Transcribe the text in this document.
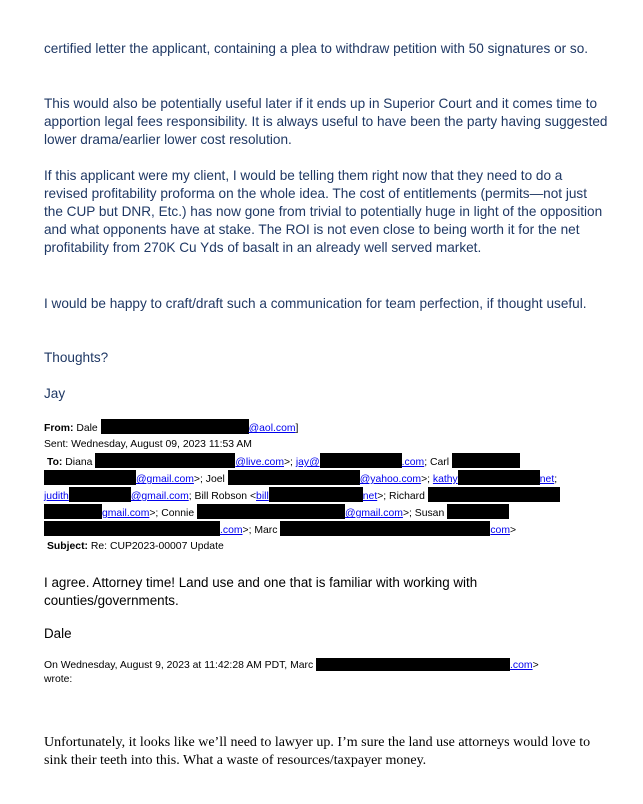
certified letter the applicant, containing a plea to withdraw petition with 50 signatures or so.

This would also be potentially useful later if it ends up in Superior Court and it comes time to apportion legal fees responsibility. It is always useful to have been the party having suggested lower drama/earlier lower cost resolution.

If this applicant were my client, I would be telling them right now that they need to do a revised profitability proforma on the whole idea. The cost of entitlements (permits—not just the CUP but DNR, Etc.) has now gone from trivial to potentially huge in light of the opposition and what opponents have at stake. The ROI is not even close to being worth it for the net profitability from 270K Cu Yds of basalt in an already well served market.

I would be happy to craft/draft such a communication for team perfection, if thought useful.

Thoughts?

Jay

From: Dale	@aol.com]
Sent: Wednesday, August 09, 2023 11:53 AM
To: Diana	@live.com>; jay@	.com; Carl
@gmail.com>; Joel	@yahoo.com>; kathy	net;
judith	@gmail.com; Bill Robson <bill	net>; Richard
gmail.com>; Connie	@gmail.com>; Susan
.com>; Marc	com>
Subject: Re: CUP2023-00007 Update

I agree. Attorney time! Land use and one that is familiar with working with counties/governments.

Dale

On Wednesday, August 9, 2023 at 11:42:28 AM PDT, Marc	.com>
wrote:

Unfortunately, it looks like we’ll need to lawyer up. I’m sure the land use attorneys would love to sink their teeth into this. What a waste of resources/taxpayer money.
